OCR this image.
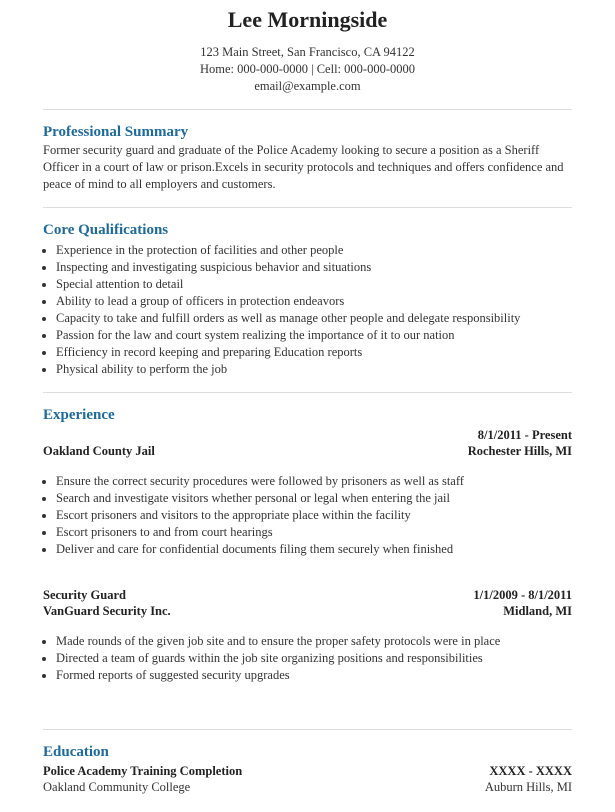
Lee Morningside
123 Main Street, San Francisco, CA 94122
Home: 000-000-0000 | Cell: 000-000-0000
email@example.com
Professional Summary

Former security guard and graduate of the Police Academy looking to secure a position as a Sheriff Officer in a court of law or prison.Excels in security protocols and techniques and offers confidence and peace of mind to all employers and customers.

Core Qualifications
• Experience in the protection of facilities and other people
• Inspecting and investigating suspicious behavior and situations
• Special attention to detail
• Ability to lead a group of officers in protection endeavors
• Capacity to take and fulfill orders as well as manage other people and delegate responsibility
• Passion for the law and court system realizing the importance of it to our nation
• Efficiency in record keeping and preparing Education reports
• Physical ability to perform the job
Experience
8/1/2011 - Present
Oakland County Jail	Rochester Hills, MI
• Ensure the correct security procedures were followed by prisoners as well as staff
• Search and investigate visitors whether personal or legal when entering the jail
• Escort prisoners and visitors to the appropriate place within the facility
• Escort prisoners to and from court hearings
• Deliver and care for confidential documents filing them securely when finished
Security Guard	1/1/2009 - 8/1/2011
VanGuard Security Inc.	Midland, MI
• Made rounds of the given job site and to ensure the proper safety protocols were in place
• Directed a team of guards within the job site organizing positions and responsibilities
• Formed reports of suggested security upgrades
Education
Police Academy Training Completion	XXXX - XXXX
Oakland Community College	Auburn Hills, MI
